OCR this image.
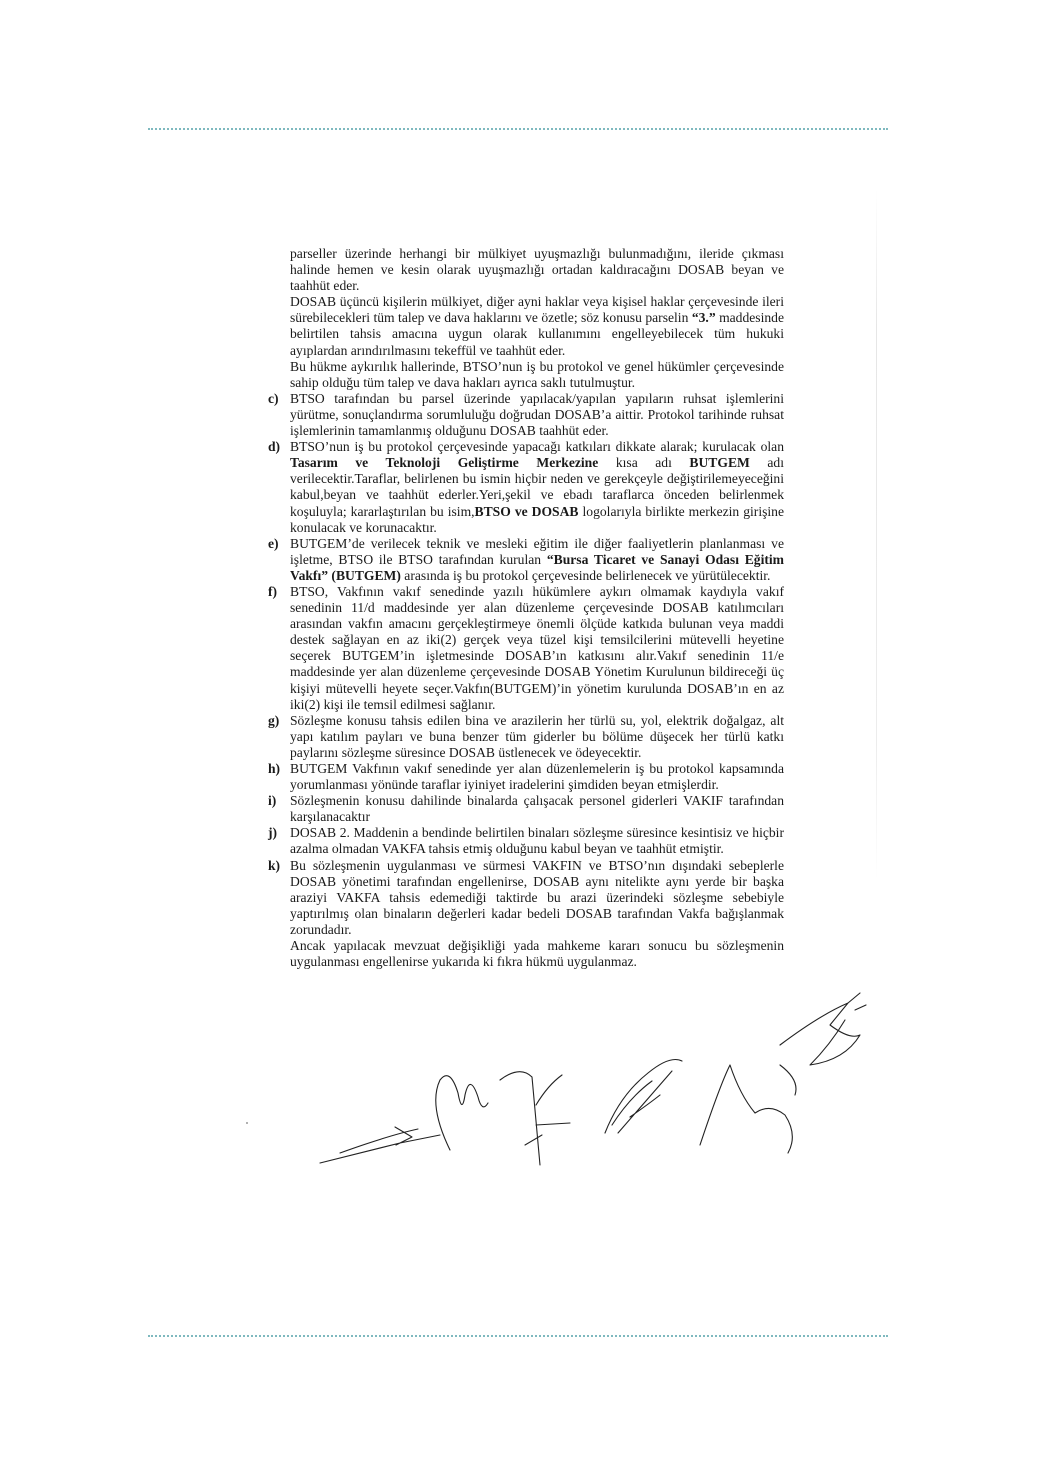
parseller üzerinde herhangi bir mülkiyet uyuşmazlığı bulunmadığını, ileride çıkması halinde hemen ve kesin olarak uyuşmazlığı ortadan kaldıracağını DOSAB beyan ve taahhüt eder.

DOSAB üçüncü kişilerin mülkiyet, diğer ayni haklar veya kişisel haklar çerçevesinde ileri sürebilecekleri tüm talep ve dava haklarını ve özetle; söz konusu parselin “3.” maddesinde belirtilen tahsis amacına uygun olarak kullanımını engelleyebilecek tüm hukuki ayıplardan arındırılmasını tekeffül ve taahhüt eder.

Bu hükme aykırılık hallerinde, BTSO’nun iş bu protokol ve genel hükümler çerçevesinde sahip olduğu tüm talep ve dava hakları ayrıca saklı tutulmuştur.

c) BTSO tarafından bu parsel üzerinde yapılacak/yapılan yapıların ruhsat işlemlerini yürütme, sonuçlandırma sorumluluğu doğrudan DOSAB’a aittir. Protokol tarihinde ruhsat işlemlerinin tamamlanmış olduğunu DOSAB taahhüt eder.

d) BTSO’nun iş bu protokol çerçevesinde yapacağı katkıları dikkate alarak; kurulacak olan Tasarım ve Teknoloji Geliştirme Merkezine kısa adı BUTGEM adı verilecektir.Taraflar, belirlenen bu ismin hiçbir neden ve gerekçeyle değiştirilemeyeceğini kabul,beyan ve taahhüt ederler.Yeri,şekil ve ebadı taraflarca önceden belirlenmek koşuluyla; kararlaştırılan bu isim,BTSO ve DOSAB logolarıyla birlikte merkezin girişine konulacak ve korunacaktır.

e) BUTGEM’de verilecek teknik ve mesleki eğitim ile diğer faaliyetlerin planlanması ve işletme, BTSO ile BTSO tarafından kurulan “Bursa Ticaret ve Sanayi Odası Eğitim Vakfı” (BUTGEM) arasında iş bu protokol çerçevesinde belirlenecek ve yürütülecektir.

f) BTSO, Vakfının vakıf senedinde yazılı hükümlere aykırı olmamak kaydıyla vakıf senedinin 11/d maddesinde yer alan düzenleme çerçevesinde DOSAB katılımcıları arasından vakfın amacını gerçekleştirmeye önemli ölçüde katkıda bulunan veya maddi destek sağlayan en az iki(2) gerçek veya tüzel kişi temsilcilerini mütevelli heyetine seçerek BUTGEM’in işletmesinde DOSAB’ın katkısını alır.Vakıf senedinin 11/e maddesinde yer alan düzenleme çerçevesinde DOSAB Yönetim Kurulunun bildireceği üç kişiyi mütevelli heyete seçer.Vakfın(BUTGEM)’in yönetim kurulunda DOSAB’ın en az iki(2) kişi ile temsil edilmesi sağlanır.

g) Sözleşme konusu tahsis edilen bina ve arazilerin her türlü su, yol, elektrik doğalgaz, alt yapı katılım payları ve buna benzer tüm giderler bu bölüme düşecek her türlü katkı paylarını sözleşme süresince DOSAB üstlenecek ve ödeyecektir.

h) BUTGEM Vakfının vakıf senedinde yer alan düzenlemelerin iş bu protokol kapsamında yorumlanması yönünde taraflar iyiniyet iradelerini şimdiden beyan etmişlerdir.

i)	Sözleşmenin konusu dahilinde binalarda çalışacak personel giderleri VAKIF tarafından karşılanacaktır

j) DOSAB 2. Maddenin a bendinde belirtilen binaları sözleşme süresince kesintisiz ve hiçbir azalma olmadan VAKFA tahsis etmiş olduğunu kabul beyan ve taahhüt etmiştir.

k) Bu sözleşmenin uygulanması ve sürmesi VAKFIN ve BTSO’nın dışındaki sebeplerle DOSAB yönetimi tarafından engellenirse, DOSAB aynı nitelikte aynı yerde bir başka araziyi VAKFA tahsis edemediği taktirde bu arazi üzerindeki sözleşme sebebiyle yaptırılmış olan binaların değerleri kadar bedeli DOSAB tarafından Vakfa bağışlanmak zorundadır.

Ancak yapılacak mevzuat değişikliği yada mahkeme kararı sonucu bu sözleşmenin uygulanması engellenirse yukarıda ki fıkra hükmü uygulanmaz.
